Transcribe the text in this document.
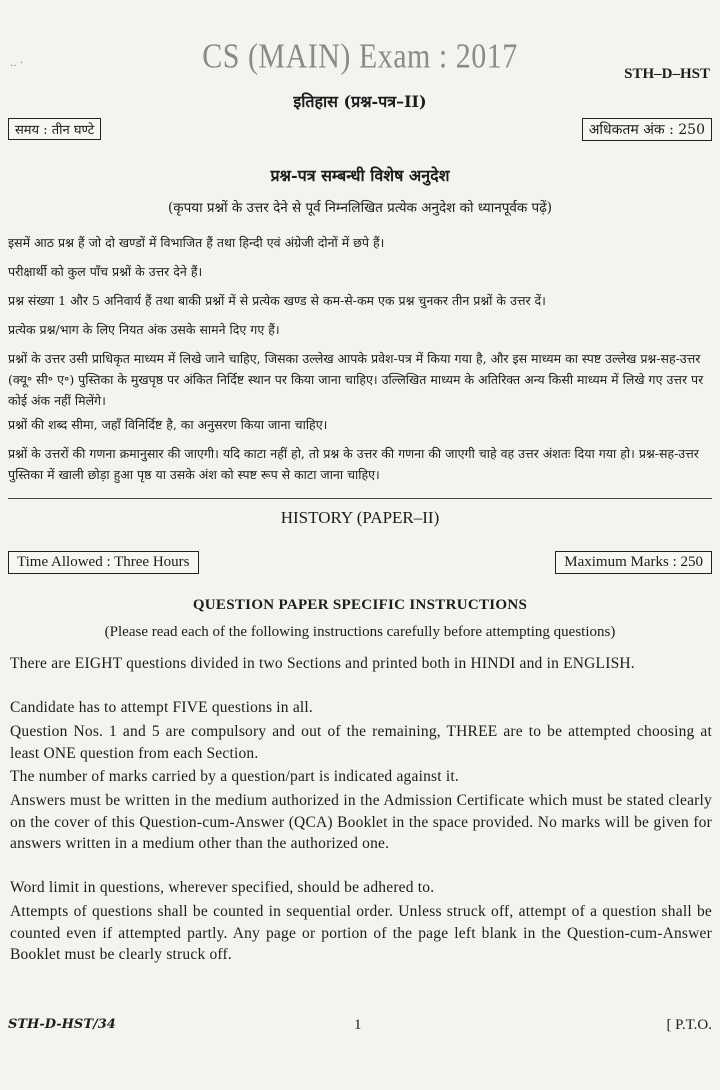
‥ ·	CS (MAIN) Exam : 2017	STH–D–HST
इतिहास (प्रश्न-पत्र–II)
समय : तीन घण्टे	अधिकतम अंक : 250
प्रश्न-पत्र सम्बन्धी विशेष अनुदेश
(कृपया प्रश्नों के उत्तर देने से पूर्व निम्नलिखित प्रत्येक अनुदेश को ध्यानपूर्वक पढ़ें)
इसमें आठ प्रश्न हैं जो दो खण्डों में विभाजित हैं तथा हिन्दी एवं अंग्रेजी दोनों में छपे हैं।
परीक्षार्थी को कुल पाँच प्रश्नों के उत्तर देने हैं।
प्रश्न संख्या 1 और 5 अनिवार्य हैं तथा बाकी प्रश्नों में से प्रत्येक खण्ड से कम-से-कम एक प्रश्न चुनकर तीन प्रश्नों के उत्तर दें।
प्रत्येक प्रश्न/भाग के लिए नियत अंक उसके सामने दिए गए हैं।
प्रश्नों के उत्तर उसी प्राधिकृत माध्यम में लिखे जाने चाहिए, जिसका उल्लेख आपके प्रवेश-पत्र में किया गया है, और इस माध्यम का स्पष्ट उल्लेख प्रश्न-सह-उत्तर (क्यू॰ सी॰ ए॰) पुस्तिका के मुखपृष्ठ पर अंकित निर्दिष्ट स्थान पर किया जाना चाहिए। उल्लिखित माध्यम के अतिरिक्त अन्य किसी माध्यम में लिखे गए उत्तर पर कोई अंक नहीं मिलेंगे।
प्रश्नों की शब्द सीमा, जहाँ विनिर्दिष्ट है, का अनुसरण किया जाना चाहिए।
प्रश्नों के उत्तरों की गणना क्रमानुसार की जाएगी। यदि काटा नहीं हो, तो प्रश्न के उत्तर की गणना की जाएगी चाहे वह उत्तर अंशतः दिया गया हो। प्रश्न-सह-उत्तर पुस्तिका में खाली छोड़ा हुआ पृष्ठ या उसके अंश को स्पष्ट रूप से काटा जाना चाहिए।
HISTORY (PAPER–II)
Time Allowed : Three Hours	Maximum Marks : 250
QUESTION PAPER SPECIFIC INSTRUCTIONS
(Please read each of the following instructions carefully before attempting questions)
There are EIGHT questions divided in two Sections and printed both in HINDI and in ENGLISH.
Candidate has to attempt FIVE questions in all.
Question Nos. 1 and 5 are compulsory and out of the remaining, THREE are to be attempted choosing at least ONE question from each Section.
The number of marks carried by a question/part is indicated against it.
Answers must be written in the medium authorized in the Admission Certificate which must be stated clearly on the cover of this Question-cum-Answer (QCA) Booklet in the space provided. No marks will be given for answers written in a medium other than the authorized one.
Word limit in questions, wherever specified, should be adhered to.
Attempts of questions shall be counted in sequential order. Unless struck off, attempt of a question shall be counted even if attempted partly. Any page or portion of the page left blank in the Question-cum-Answer Booklet must be clearly struck off.
STH-D-HST/34	1	[ P.T.O.
